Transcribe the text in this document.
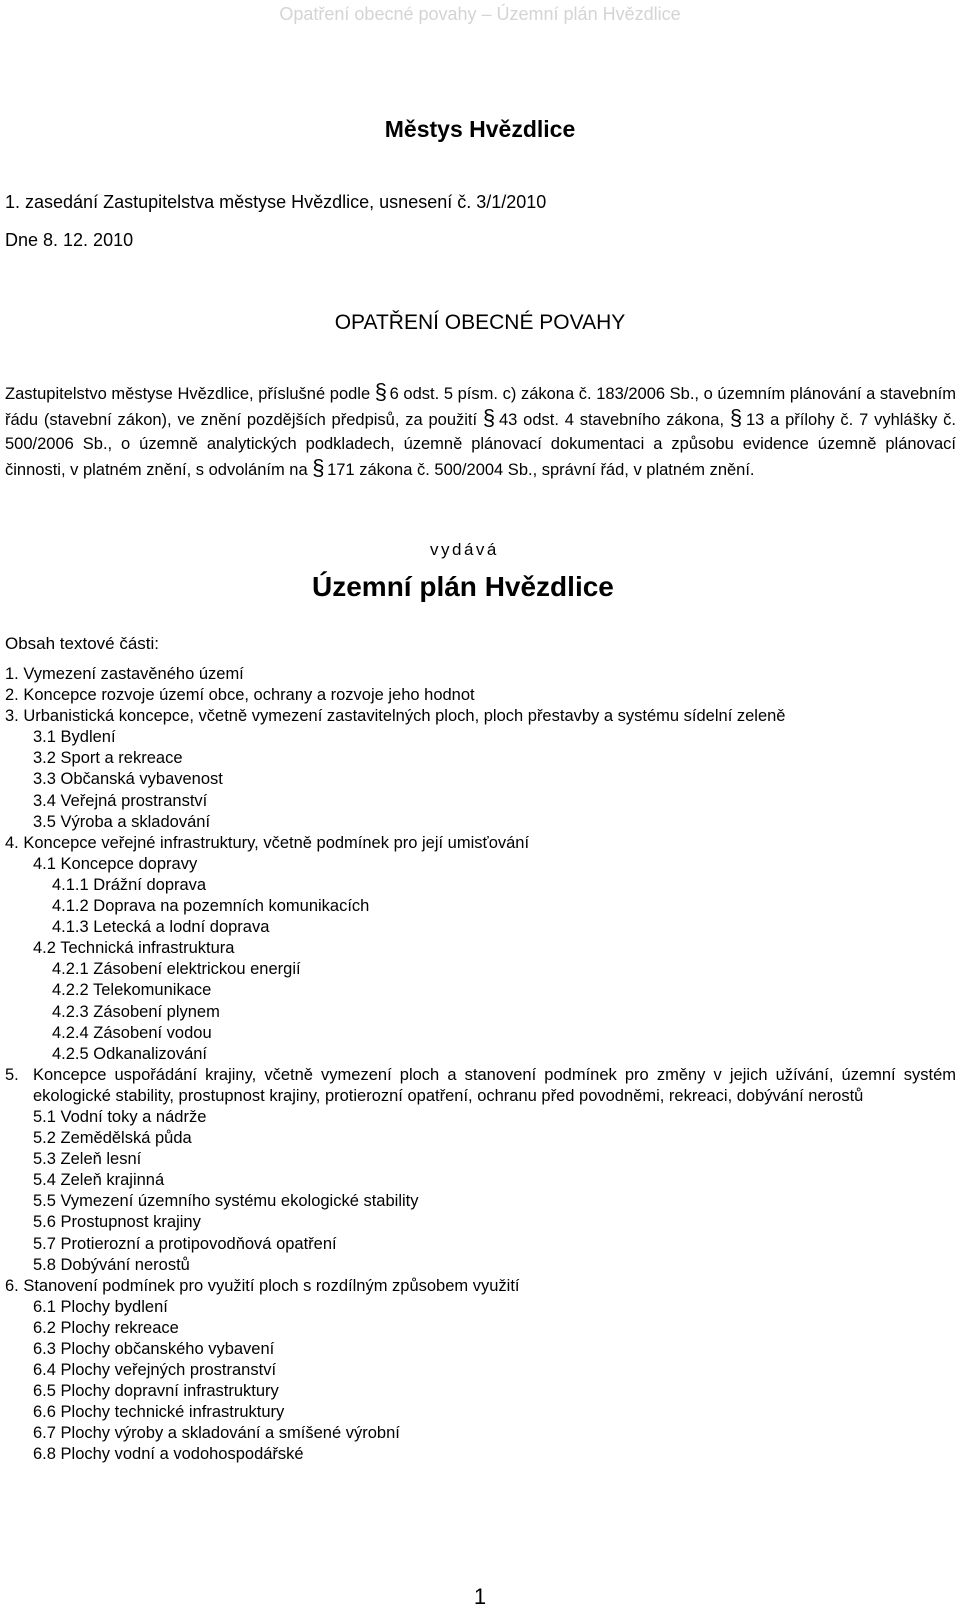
Opatření obecné povahy – Územní plán Hvězdlice
Městys Hvězdlice
1. zasedání Zastupitelstva městyse Hvězdlice, usnesení č. 3/1/2010
Dne 8. 12. 2010
OPATŘENÍ OBECNÉ POVAHY
Zastupitelstvo městyse Hvězdlice, příslušné podle § 6 odst. 5 písm. c) zákona č. 183/2006 Sb., o územním plánování a stavebním řádu (stavební zákon), ve znění pozdějších předpisů, za použití § 43 odst. 4 stavebního zákona, § 13 a přílohy č. 7 vyhlášky č. 500/2006 Sb., o územně analytických podkladech, územně plánovací dokumentaci a způsobu evidence územně plánovací činnosti, v platném znění, s odvoláním na § 171 zákona č. 500/2004 Sb., správní řád, v platném znění.
vydává
Územní plán Hvězdlice
Obsah textové části:
1. Vymezení zastavěného území
2. Koncepce rozvoje území obce, ochrany a rozvoje jeho hodnot
3. Urbanistická koncepce, včetně vymezení zastavitelných ploch, ploch přestavby a systému sídelní zeleně
3.1 Bydlení
3.2 Sport a rekreace
3.3 Občanská vybavenost
3.4 Veřejná prostranství
3.5 Výroba a skladování
4. Koncepce veřejné infrastruktury, včetně podmínek pro její umisťování
4.1 Koncepce dopravy
4.1.1 Drážní doprava
4.1.2 Doprava na pozemních komunikacích
4.1.3 Letecká a lodní doprava
4.2 Technická infrastruktura
4.2.1 Zásobení elektrickou energií
4.2.2 Telekomunikace
4.2.3 Zásobení plynem
4.2.4 Zásobení vodou
4.2.5 Odkanalizování
5. Koncepce uspořádání krajiny, včetně vymezení ploch a stanovení podmínek pro změny v jejich užívání, územní systém ekologické stability, prostupnost krajiny, protierozní opatření, ochranu před povodněmi, rekreaci, dobývání nerostů
5.1 Vodní toky a nádrže
5.2 Zemědělská půda
5.3 Zeleň lesní
5.4 Zeleň krajinná
5.5 Vymezení územního systému ekologické stability
5.6 Prostupnost krajiny
5.7 Protierozní a protipovodňová opatření
5.8 Dobývání nerostů
6. Stanovení podmínek pro využití ploch s rozdílným způsobem využití
6.1 Plochy bydlení
6.2 Plochy rekreace
6.3 Plochy občanského vybavení
6.4 Plochy veřejných prostranství
6.5 Plochy dopravní infrastruktury
6.6 Plochy technické infrastruktury
6.7 Plochy výroby a skladování a smíšené výrobní
6.8 Plochy vodní a vodohospodářské
1
